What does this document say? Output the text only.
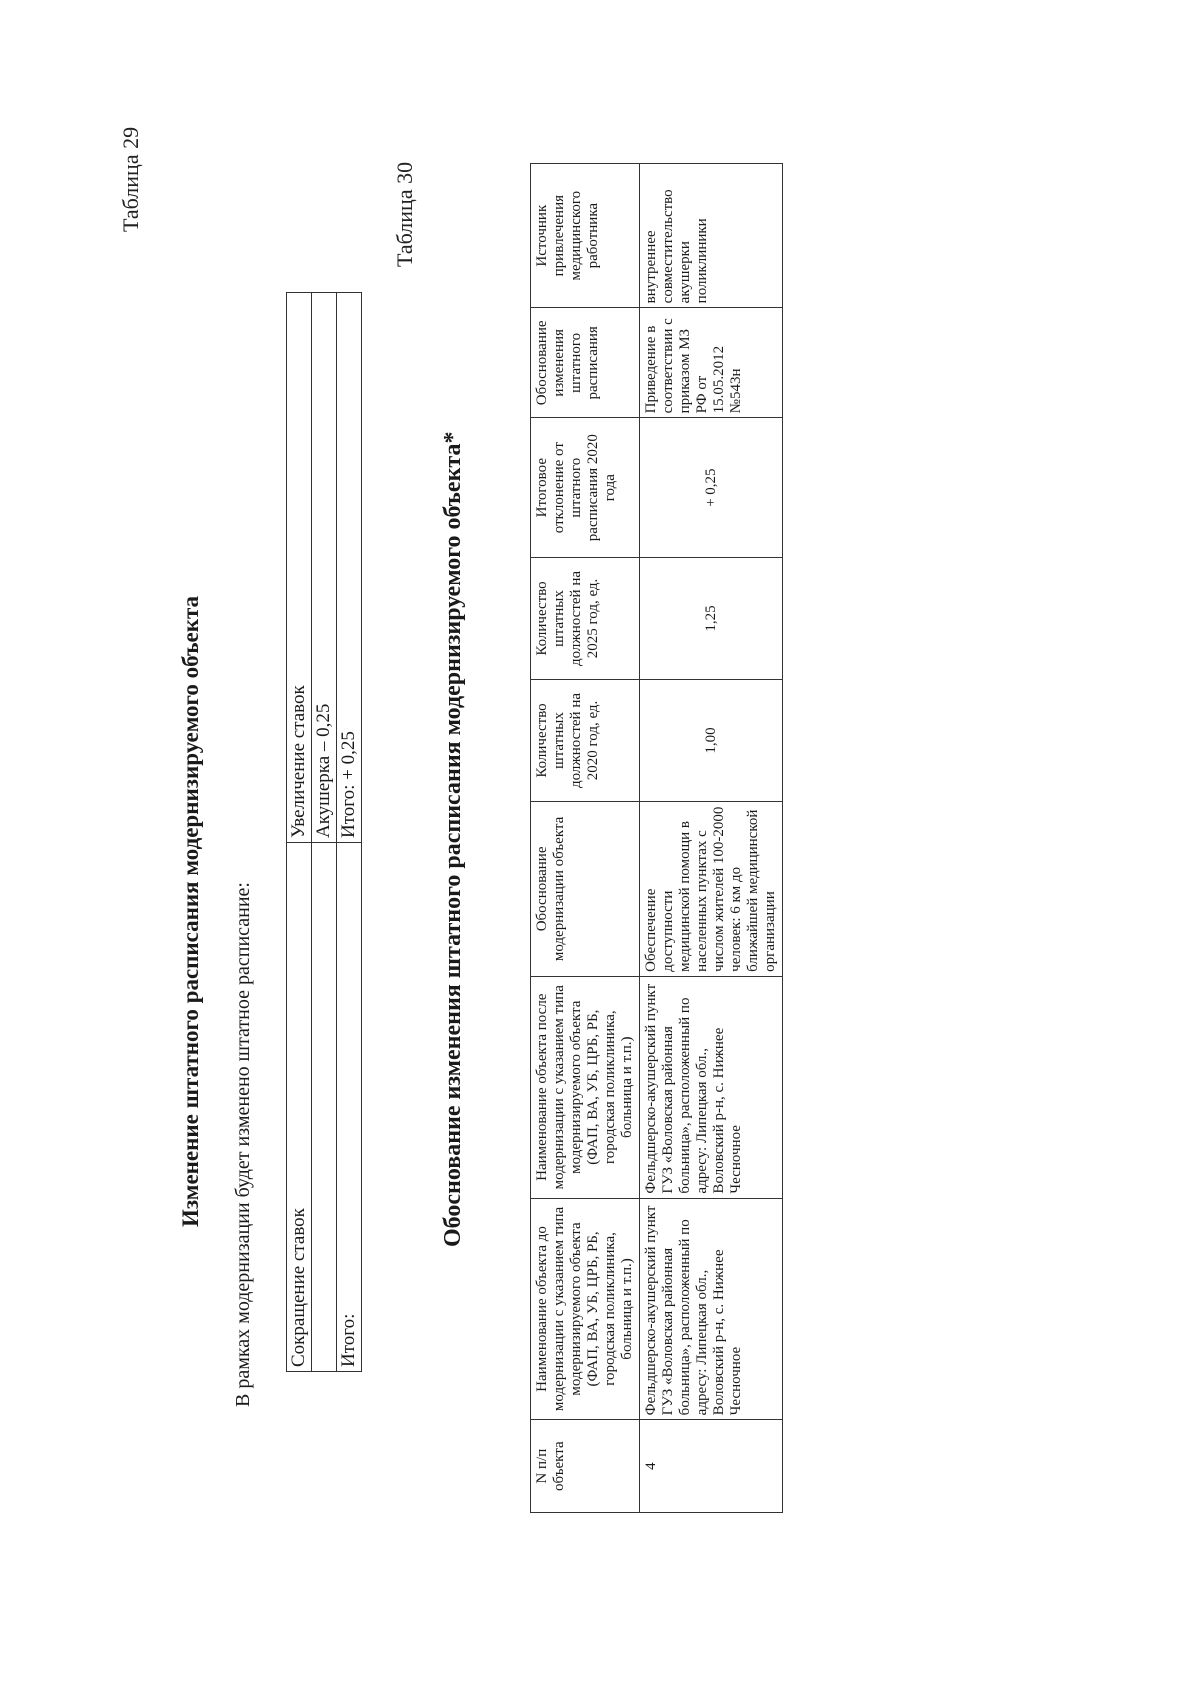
Таблица 29
Изменение штатного расписания модернизируемого объекта В рамках модернизации будет изменено штатное расписание: Сокращение ставок	Увеличение ставок
	Акушерка – 0,25
Итого:	Итого: + 0,25
Таблица 30
Обоснование изменения штатного расписания модернизируемого объекта*
N п/п объекта	Наименование объекта до модернизации с указанием типа модернизируемого объекта (ФАП, ВА, УБ, ЦРБ, РБ, городская поликлиника, больница и т.п.)	Наименование объекта после модернизации с указанием типа модернизируемого объекта (ФАП, ВА, УБ, ЦРБ, РБ, городская поликлиника, больница и т.п.)	Обоснование модернизации объекта	Количество штатных должностей на 2020 год, ед.	Количество штатных должностей на 2025 год, ед.	Итоговое отклонение от штатного расписания 2020 года	Обоснование изменения штатного расписания	Источник привлечения медицинского работника
4	Фельдшерско-акушерский пункт ГУЗ «Воловская районная больница», расположенный по адресу: Липецкая обл., Воловский р-н, с. Нижнее Чесночное	Фельдшерско-акушерский пункт ГУЗ «Воловская районная больница», расположенный по адресу: Липецкая обл., Воловский р-н, с. Нижнее Чесночное	Обеспечение доступности медицинской помощи в населенных пунктах с числом жителей 100-2000 человек: 6 км до ближайшей медицинской организации	1,00	1,25	+ 0,25	Приведение в соответствии с приказом МЗ РФ от 15.05.2012 №543н	внутреннее совместительство акушерки поликлиники
